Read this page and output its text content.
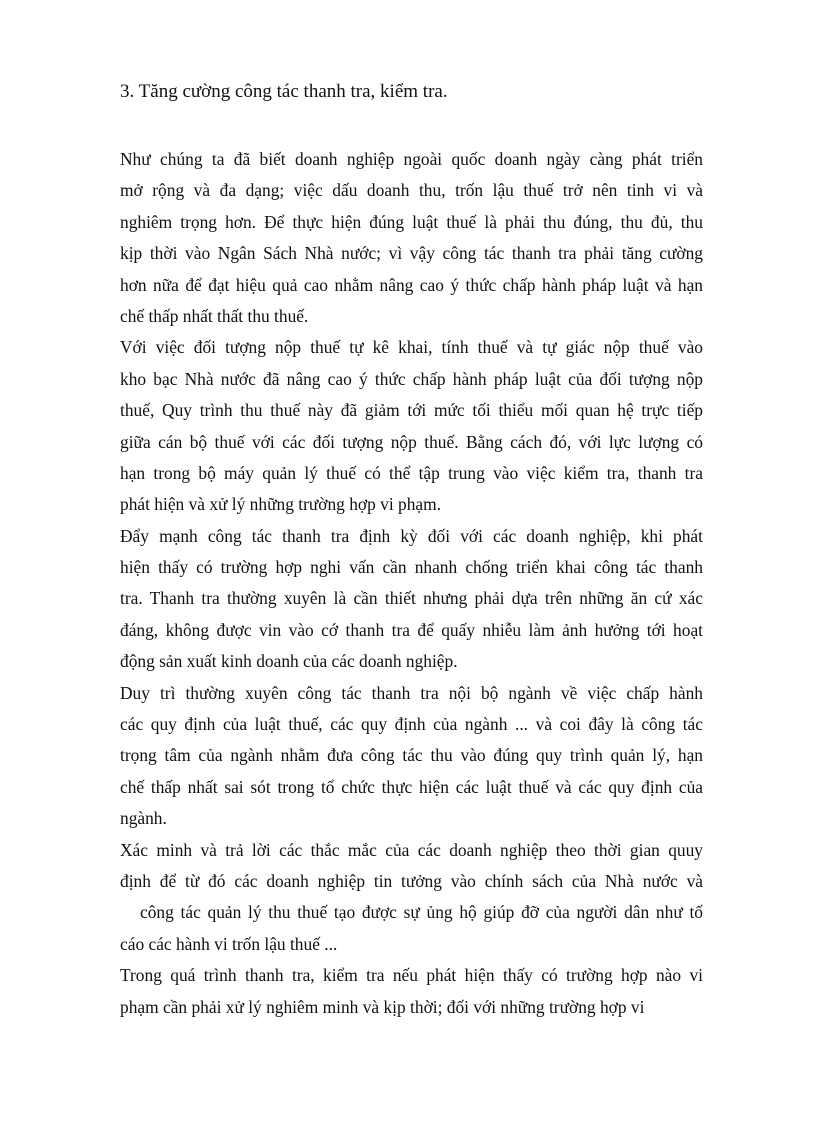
3. Tăng cường công tác thanh tra, kiểm tra.
Như chúng ta đã biết doanh nghiệp ngoài quốc doanh ngày càng phát triển
mở rộng và đa dạng; việc dấu doanh thu, trốn lậu thuế trở nên tinh vi và
nghiêm trọng hơn. Để thực hiện đúng luật thuế là phải thu đúng, thu đủ, thu
kịp thời vào Ngân Sách Nhà nước; vì vậy công tác thanh tra phải tăng cường
hơn nữa để đạt hiệu quả cao nhằm nâng cao ý thức chấp hành pháp luật và hạn
chế thấp nhất thất thu thuế.
Với việc đối tượng nộp thuế tự kê khai, tính thuế và tự giác nộp thuế vào
kho bạc Nhà nước đã nâng cao ý thức chấp hành pháp luật của đối tượng nộp
thuế, Quy trình thu thuế này đã giảm tới mức tối thiểu mối quan hệ trực tiếp
giữa cán bộ thuế với các đối tượng nộp thuế. Bằng cách đó, với lực lượng có
hạn trong bộ máy quản lý thuế có thể tập trung vào việc kiểm tra, thanh tra
phát hiện và xử lý những trường hợp vi phạm.
Đẩy mạnh công tác thanh tra định kỳ đối với các doanh nghiệp, khi phát
hiện thấy có trường hợp nghi vấn cần nhanh chống triển khai công tác thanh
tra. Thanh tra thường xuyên là cần thiết nhưng phải dựa trên những ăn cứ xác
đáng, không được vin vào cớ thanh tra để quấy nhiễu làm ảnh hưởng tới hoạt
động sản xuất kinh doanh của các doanh nghiệp.
Duy trì thường xuyên công tác thanh tra nội bộ ngành về việc chấp hành
các quy định của luật thuế, các quy định của ngành ... và coi đây là công tác
trọng tâm của ngành nhằm đưa công tác thu vào đúng quy trình quản lý, hạn
chế thấp nhất sai sót trong tổ chức thực hiện các luật thuế và các quy định của
ngành.
Xác minh và trả lời các thắc mắc của các doanh nghiệp theo thời gian quuy
định để từ đó các doanh nghiệp tin tưởng vào chính sách của Nhà nước và
công tác quản lý thu thuế tạo được sự ủng hộ giúp đỡ của người dân như tố
cáo các hành vi trốn lậu thuế ...
Trong quá trình thanh tra, kiểm tra nếu phát hiện thấy có trường hợp nào vi
phạm cần phải xử lý nghiêm minh và kịp thời; đối với những trường hợp vi
